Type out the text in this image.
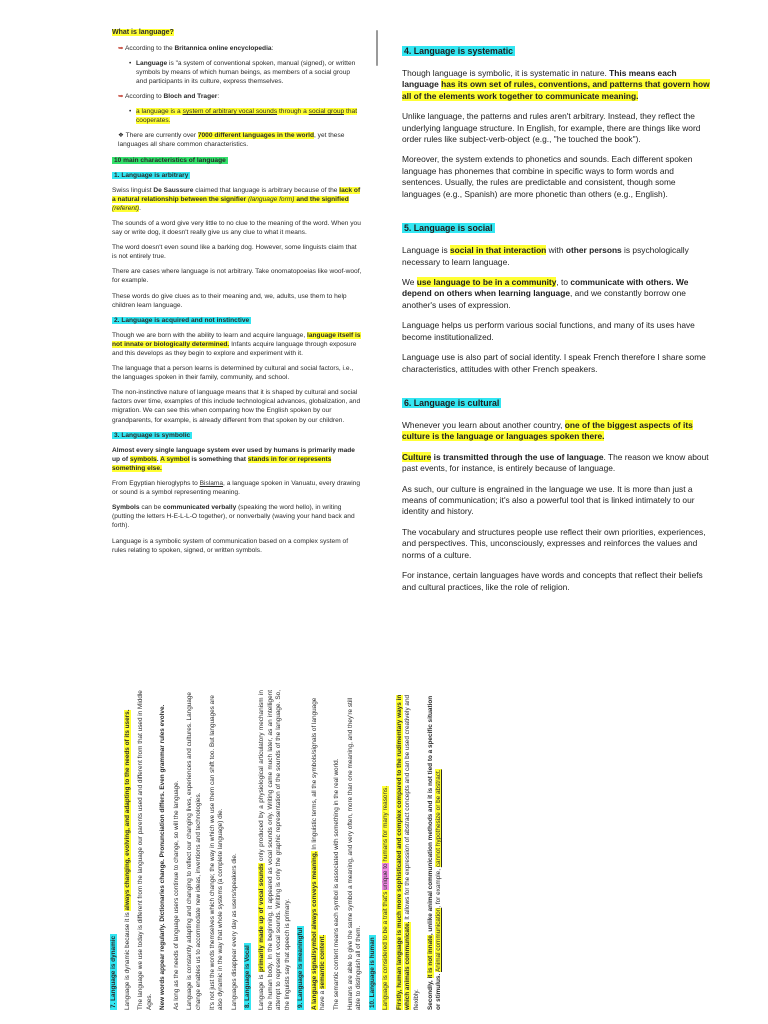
What is language?

➥ According to the Britannica online encyclopedia:

• Language is "a system of conventional spoken, manual (signed), or written symbols by means of which human beings, as members of a social group and participants in its culture, express themselves.

➥ According to Bloch and Trager:

• a language is a system of arbitrary vocal sounds through a social group that cooperates.

❖ There are currently over 7000 different languages in the world, yet these languages all share common characteristics.

10 main characteristics of language

1. Language is arbitrary

Swiss linguist De Saussure claimed that language is arbitrary because of the lack of a natural relationship between the signifier (language form) and the signified (referent).

The sounds of a word give very little to no clue to the meaning of the word. When you say or write dog, it doesn't really give us any clue to what it means.

The word doesn't even sound like a barking dog. However, some linguists claim that is not entirely true.

There are cases where language is not arbitrary. Take onomatopoeias like woof-woof, for example.

These words do give clues as to their meaning and, we, adults, use them to help children learn language.

2. Language is acquired and not instinctive

Though we are born with the ability to learn and acquire language, language itself is not innate or biologically determined. Infants acquire language through exposure and this develops as they begin to explore and experiment with it.

The language that a person learns is determined by cultural and social factors, i.e., the languages spoken in their family, community, and school.

The non-instinctive nature of language means that it is shaped by cultural and social factors over time, examples of this include technological advances, globalization, and migration. We can see this when comparing how the English spoken by our grandparents, for example, is already different from that spoken by our children.

3. Language is symbolic

Almost every single language system ever used by humans is primarily made up of symbols. A symbol is something that stands in for or represents something else.

From Egyptian hieroglyphs to Bislama, a language spoken in Vanuatu, every drawing or sound is a symbol representing meaning.

Symbols can be communicated verbally (speaking the word hello), in writing (putting the letters H-E-L-L-O together), or nonverbally (waving your hand back and forth).

Language is a symbolic system of communication based on a complex system of rules relating to spoken, signed, or written symbols.

4. Language is systematic

Though language is symbolic, it is systematic in nature. This means each language has its own set of rules, conventions, and patterns that govern how all of the elements work together to communicate meaning.

Unlike language, the patterns and rules aren't arbitrary. Instead, they reflect the underlying language structure. In English, for example, there are things like word order rules like subject-verb-object (e.g., "he touched the book").

Moreover, the system extends to phonetics and sounds. Each different spoken language has phonemes that combine in specific ways to form words and sentences. Usually, the rules are predictable and consistent, though some languages (e.g., Spanish) are more phonetic than others (e.g., English).

5. Language is social

Language is social in that interaction with other persons is psychologically necessary to learn language.

We use language to be in a community, to communicate with others. We depend on others when learning language, and we constantly borrow one another's uses of expression.

Language helps us perform various social functions, and many of its uses have become institutionalized.

Language use is also part of social identity. I speak French therefore I share some characteristics, attitudes with other French speakers.

6. Language is cultural

Whenever you learn about another country, one of the biggest aspects of its culture is the language or languages spoken there.

Culture is transmitted through the use of language. The reason we know about past events, for instance, is entirely because of language.

As such, our culture is engrained in the language we use. It is more than just a means of communication; it's also a powerful tool that is linked intimately to our identity and history.

The vocabulary and structures people use reflect their own priorities, experiences, and perspectives. This, unconsciously, expresses and reinforces the values and norms of a culture.

For instance, certain languages have words and concepts that reflect their beliefs and cultural practices, like the role of religion.

7. Language is dynamic Language is dynamic because it is always changing, evolving, and adapting to the needs of its users. The language we use today is different from the language our parents used and different from that used in Middle Ages. New words appear regularly. Dictionaries change. Pronunciation differs. Even grammar rules evolve. As long as the needs of language users continue to change, so will the language. Language is constantly adapting and changing to reflect our changing lives, experiences and cultures. Language change enables us to accommodate new ideas, inventions and technologies. It's not just the words themselves which change; the way in which we use them can shift too. But languages are also dynamic in the way that whole systems (a complete language) die. Languages disappear every day as users/speakers die. 8. Language is Vocal Language is primarily made up of vocal sounds only produced by a physiological articulatory mechanism in the human body. In the beginning, it appeared as vocal sounds only. Writing came much later, as an intelligent attempt to represent vocal sounds. Writing is only the graphic representation of the sounds of the language. So, the linguists say that speech is primary. 9. Language is meaningful A language signal/symbol always conveys meaning, In linguistic terms, all the symbols/signals of language have a semantic content. The semantic content means each symbol is associated with something in the real world. Humans are able to give the same symbol a meaning, and very often, more than one meaning, and they're still able to distinguish all of them. 10. Language is human Language is considered to be a trait that's unique to humans for many reasons. Firstly, human language is much more sophisticated and complex compared to the rudimentary ways in which animals communicate. It allows for the expression of abstract concepts and can be used creatively and flexibly. Secondly, it is not innate, unlike animal communication methods and it is not tied to a specific situation or stimulus. Animal communication, for example, cannot hypothesize or be abstract.
